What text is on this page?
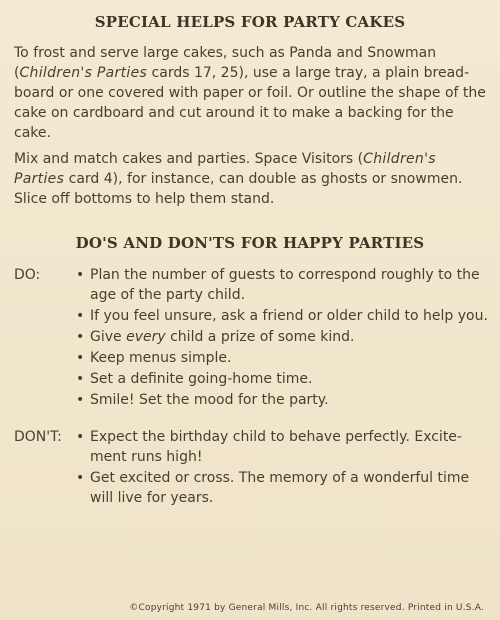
SPECIAL HELPS FOR PARTY CAKES
To frost and serve large cakes, such as Panda and Snowman (Children's Parties cards 17, 25), use a large tray, a plain bread-board or one covered with paper or foil. Or outline the shape of the cake on cardboard and cut around it to make a backing for the cake.
Mix and match cakes and parties. Space Visitors (Children's Parties card 4), for instance, can double as ghosts or snowmen. Slice off bottoms to help them stand.
DO'S AND DON'TS FOR HAPPY PARTIES
DO:	• Plan the number of guests to correspond roughly to the age of the party child.
• If you feel unsure, ask a friend or older child to help you.
• Give every child a prize of some kind.
• Keep menus simple.
• Set a definite going-home time.
• Smile! Set the mood for the party.
DON'T: • Expect the birthday child to behave perfectly. Excite-ment runs high!
• Get excited or cross. The memory of a wonderful time will live for years.
©Copyright 1971 by General Mills, Inc. All rights reserved. Printed in U.S.A.
